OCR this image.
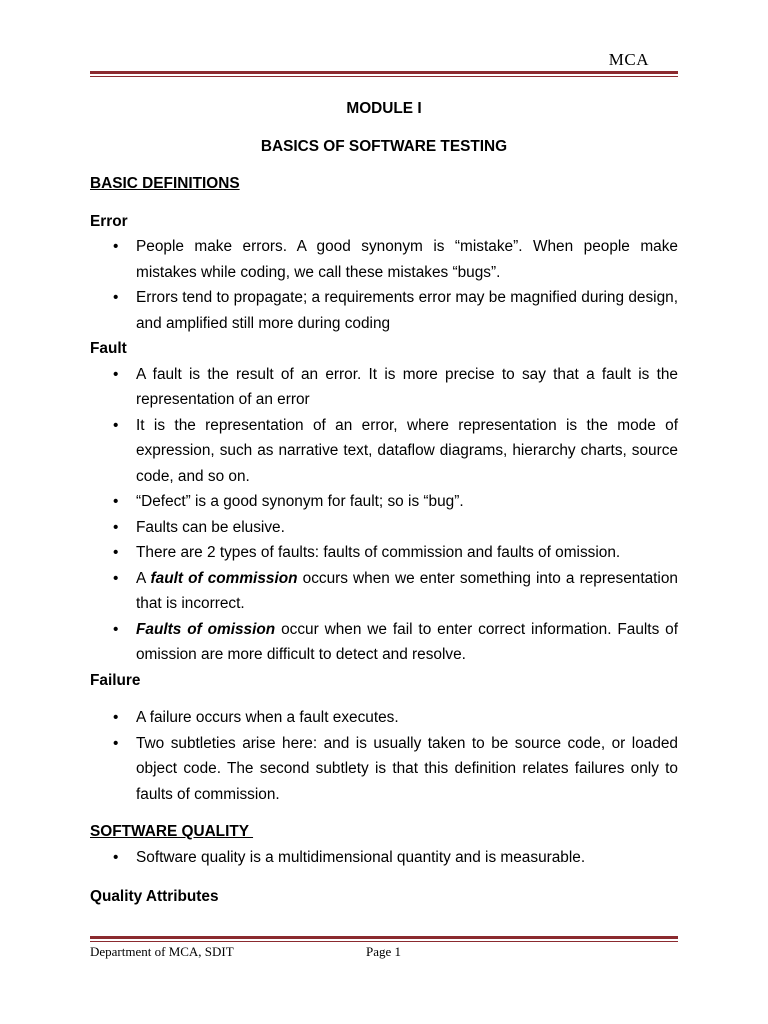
MCA

MODULE I

BASICS OF SOFTWARE TESTING

BASIC DEFINITIONS

Error

• People make errors. A good synonym is “mistake”. When people make mistakes while coding, we call these mistakes “bugs”.
• Errors tend to propagate; a requirements error may be magnified during design, and amplified still more during coding

Fault

• A fault is the result of an error. It is more precise to say that a fault is the representation of an error
• It is the representation of an error, where representation is the mode of expression, such as narrative text, dataflow diagrams, hierarchy charts, source code, and so on.
• “Defect” is a good synonym for fault; so is “bug”.
• Faults can be elusive.
• There are 2 types of faults: faults of commission and faults of omission.
• A fault of commission occurs when we enter something into a representation that is incorrect.
• Faults of omission occur when we fail to enter correct information. Faults of omission are more difficult to detect and resolve.

Failure

• A failure occurs when a fault executes.
• Two subtleties arise here: and is usually taken to be source code, or loaded object code. The second subtlety is that this definition relates failures only to faults of commission.

SOFTWARE QUALITY

• Software quality is a multidimensional quantity and is measurable.

Quality Attributes

Department of MCA, SDIT	Page 1
